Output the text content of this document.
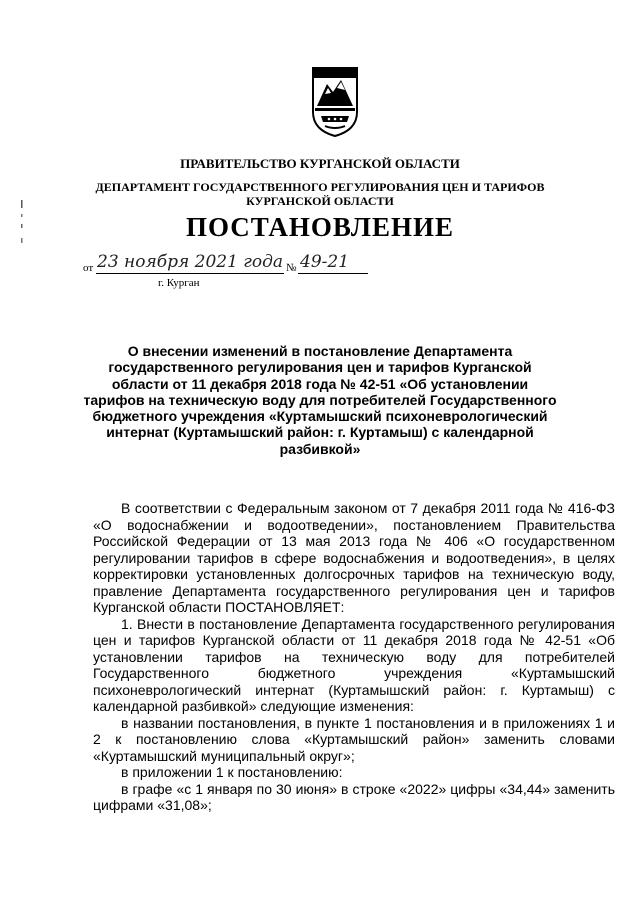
ПРАВИТЕЛЬСТВО КУРГАНСКОЙ ОБЛАСТИ
ДЕПАРТАМЕНТ ГОСУДАРСТВЕННОГО РЕГУЛИРОВАНИЯ ЦЕН И ТАРИФОВ КУРГАНСКОЙ ОБЛАСТИ
ПОСТАНОВЛЕНИЕ
от 23 ноября 2021 года № 49-21
г. Курган
О внесении изменений в постановление Департамента государственного регулирования цен и тарифов Курганской области от 11 декабря 2018 года № 42-51 «Об установлении тарифов на техническую воду для потребителей Государственного бюджетного учреждения «Куртамышский психоневрологический интернат (Куртамышский район: г. Куртамыш) с календарной разбивкой»

В соответствии с Федеральным законом от 7 декабря 2011 года № 416-ФЗ «О водоснабжении и водоотведении», постановлением Правительства Российской Федерации от 13 мая 2013 года № 406 «О государственном регулировании тарифов в сфере водоснабжения и водоотведения», в целях корректировки установленных долгосрочных тарифов на техническую воду, правление Департамента государственного регулирования цен и тарифов Курганской области ПОСТАНОВЛЯЕТ:

1. Внести в постановление Департамента государственного регулирования цен и тарифов Курганской области от 11 декабря 2018 года № 42-51 «Об установлении тарифов на техническую воду для потребителей Государственного бюджетного учреждения «Куртамышский психоневрологический интернат (Куртамышский район: г. Куртамыш) с календарной разбивкой» следующие изменения:

в названии постановления, в пункте 1 постановления и в приложениях 1 и 2 к постановлению слова «Куртамышский район» заменить словами «Куртамышский муниципальный округ»;

в приложении 1 к постановлению:

в графе «с 1 января по 30 июня» в строке «2022» цифры «34,44» заменить цифрами «31,08»;
